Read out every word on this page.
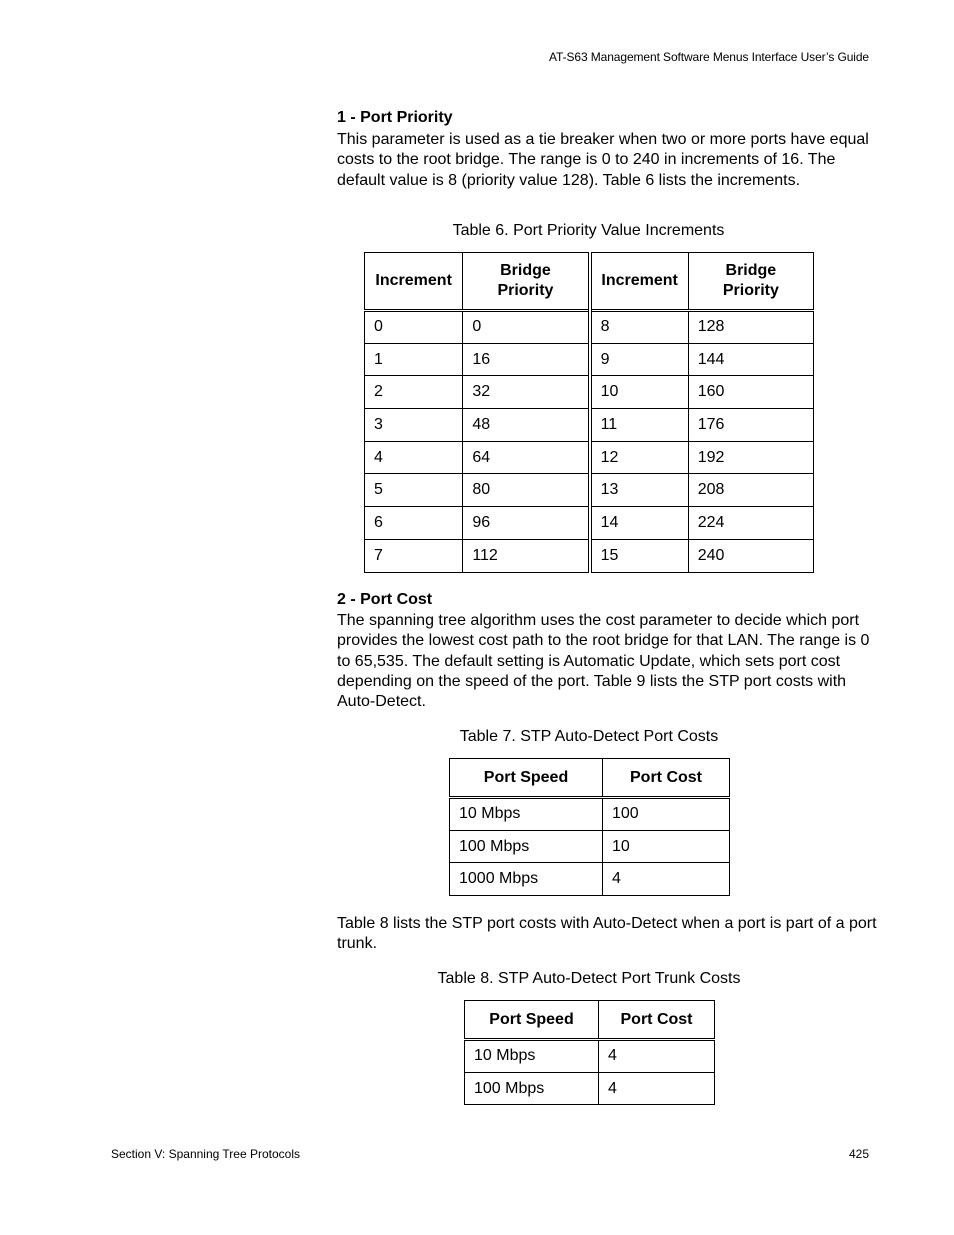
AT-S63 Management Software Menus Interface User’s Guide
1 - Port Priority
This parameter is used as a tie breaker when two or more ports have equal costs to the root bridge. The range is 0 to 240 in increments of 16. The default value is 8 (priority value 128). Table 6 lists the increments.
Table 6. Port Priority Value Increments
Increment	Bridge Priority	Increment	Bridge Priority
0	0	8	128
1	16	9	144
2	32	10	160
3	48	11	176
4	64	12	192
5	80	13	208
6	96	14	224
7	112	15	240
2 - Port Cost
The spanning tree algorithm uses the cost parameter to decide which port provides the lowest cost path to the root bridge for that LAN. The range is 0 to 65,535. The default setting is Automatic Update, which sets port cost depending on the speed of the port. Table 9 lists the STP port costs with Auto-Detect.
Table 7. STP Auto-Detect Port Costs
Port Speed	Port Cost
10 Mbps	100
100 Mbps	10
1000 Mbps	4
Table 8 lists the STP port costs with Auto-Detect when a port is part of a port trunk.
Table 8. STP Auto-Detect Port Trunk Costs
Port Speed	Port Cost
10 Mbps	4
100 Mbps	4
Section V: Spanning Tree Protocols	425
